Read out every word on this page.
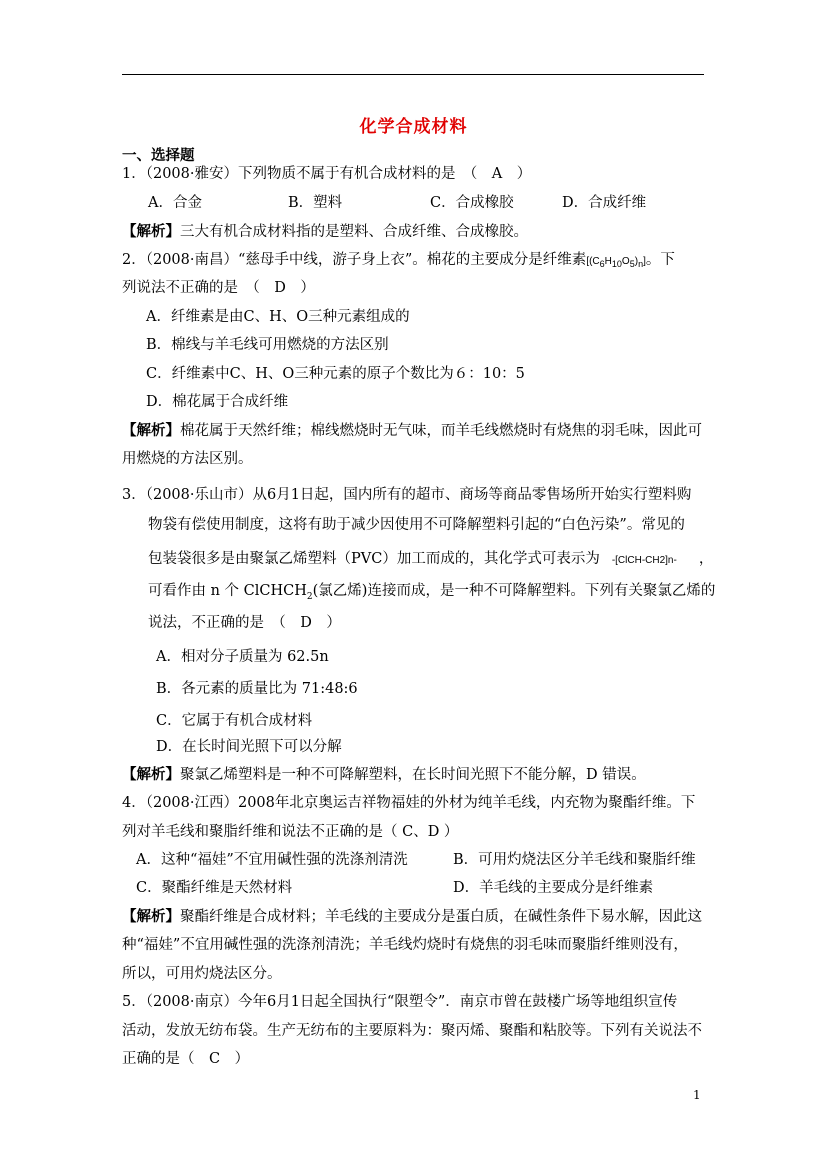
化学合成材料
一、选择题
1．（2008·雅安）下列物质不属于有机合成材料的是　（　A　）
A．合金	B．塑料	C．合成橡胶	D．合成纤维
【解析】三大有机合成材料指的是塑料、合成纤维、合成橡胶。
2．（2008·南昌）“慈母手中线，游子身上衣”。棉花的主要成分是纤维素$[(C_6H_{10}O_5)_n]$。下
列说法不正确的是　（　D　）
A．纤维素是由C、H、O三种元素组成的
B．棉线与羊毛线可用燃烧的方法区别
C．纤维素中C、H、O三种元素的原子个数比为６：10：5
D．棉花属于合成纤维
【解析】棉花属于天然纤维；棉线燃烧时无气味，而羊毛线燃烧时有烧焦的羽毛味，因此可
用燃烧的方法区别。
3．（2008·乐山市）从6月1日起，国内所有的超市、商场等商品零售场所开始实行塑料购
物袋有偿使用制度，这将有助于减少因使用不可降解塑料引起的“白色污染”。常见的
包装袋很多是由聚氯乙烯塑料（PVC）加工而成的，其化学式可表示为 -[ClCH-CH2]n- ，
可看作由 n 个 ClCHCH$_2$(氯乙烯)连接而成，是一种不可降解塑料。下列有关聚氯乙烯的
说法，不正确的是　（　D　）
A．相对分子质量为 62.5n
B．各元素的质量比为 71:48:6
C．它属于有机合成材料
D．在长时间光照下可以分解
【解析】聚氯乙烯塑料是一种不可降解塑料，在长时间光照下不能分解，D 错误。
4．（2008·江西）2008年北京奥运吉祥物福娃的外材为纯羊毛线，内充物为聚酯纤维。下
列对羊毛线和聚脂纤维和说法不正确的是（ C、D ）
A．这种“福娃”不宜用碱性强的洗涤剂清洗	B．可用灼烧法区分羊毛线和聚脂纤维
C．聚酯纤维是天然材料	D．羊毛线的主要成分是纤维素
【解析】聚酯纤维是合成材料；羊毛线的主要成分是蛋白质，在碱性条件下易水解，因此这
种“福娃”不宜用碱性强的洗涤剂清洗；羊毛线灼烧时有烧焦的羽毛味而聚脂纤维则没有，
所以，可用灼烧法区分。
5．（2008·南京）今年6月1日起全国执行“限塑令”．南京市曾在鼓楼广场等地组织宣传
活动，发放无纺布袋。生产无纺布的主要原料为：聚丙烯、聚酯和粘胶等。下列有关说法不
正确的是（　C　）
1
